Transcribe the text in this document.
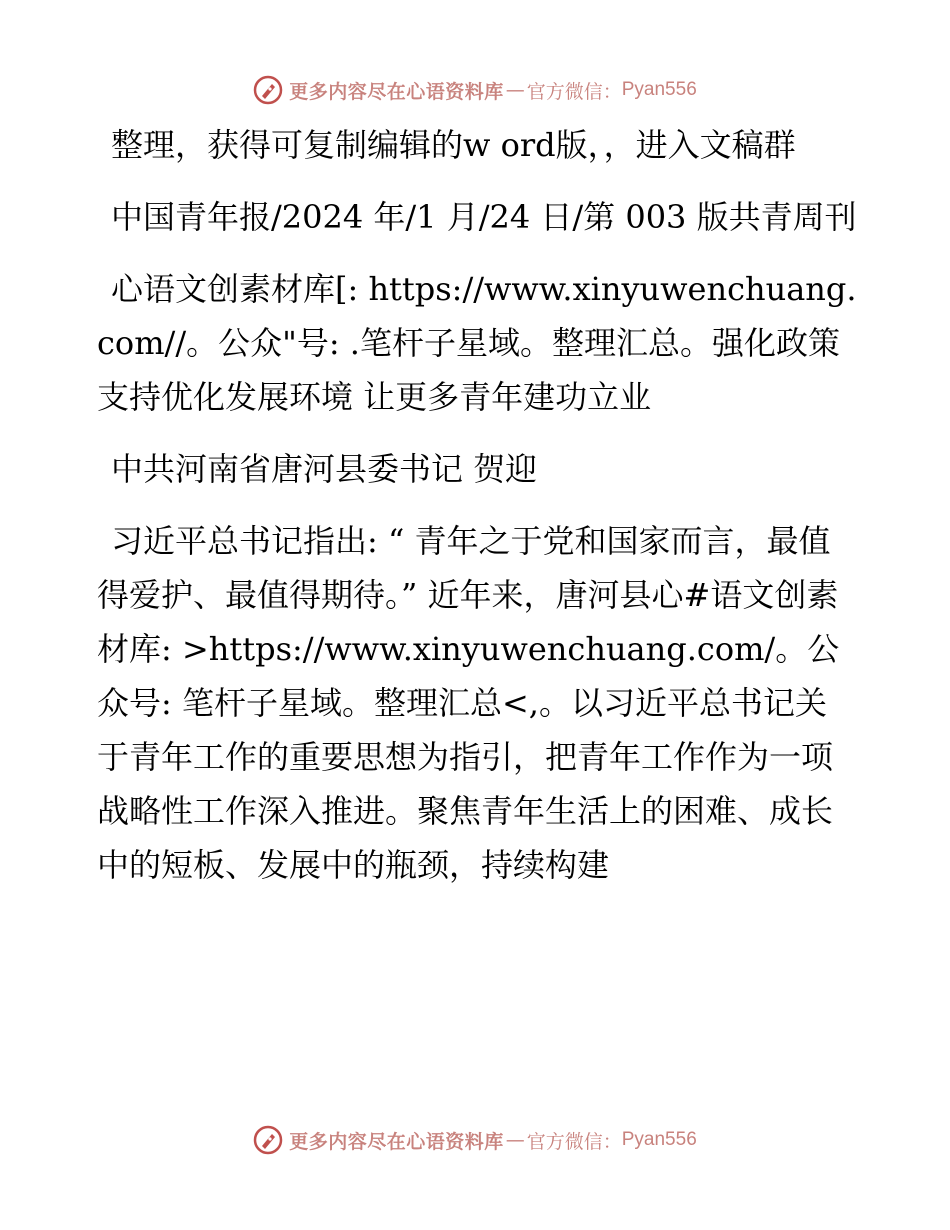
更多内容尽在心语资料库 — 官方微信： Pyan556

整理，获得可复制编辑的w ord版，，进入文稿群

中国青年报/2024 年/1 月/24 日/第 003 版共青周刊

心语文创素材库[: https://www.xinyuwenchuang.com//。公众"号: .笔杆子星域。整理汇总。强化政策支持优化发展环境 让更多青年建功立业

中共河南省唐河县委书记 贺迎

习近平总书记指出: “ 青年之于党和国家而言，最值得爱护、最值得期待。” 近年来，唐河县心#语文创素材库: >https://www.xinyuwenchuang.com/。公众号: 笔杆子星域。整理汇总<,。以习近平总书记关于青年工作的重要思想为指引，把青年工作作为一项战略性工作深入推进。聚焦青年生活上的困难、成长中的短板、发展中的瓶颈，持续构建

更多内容尽在心语资料库 — 官方微信： Pyan556
